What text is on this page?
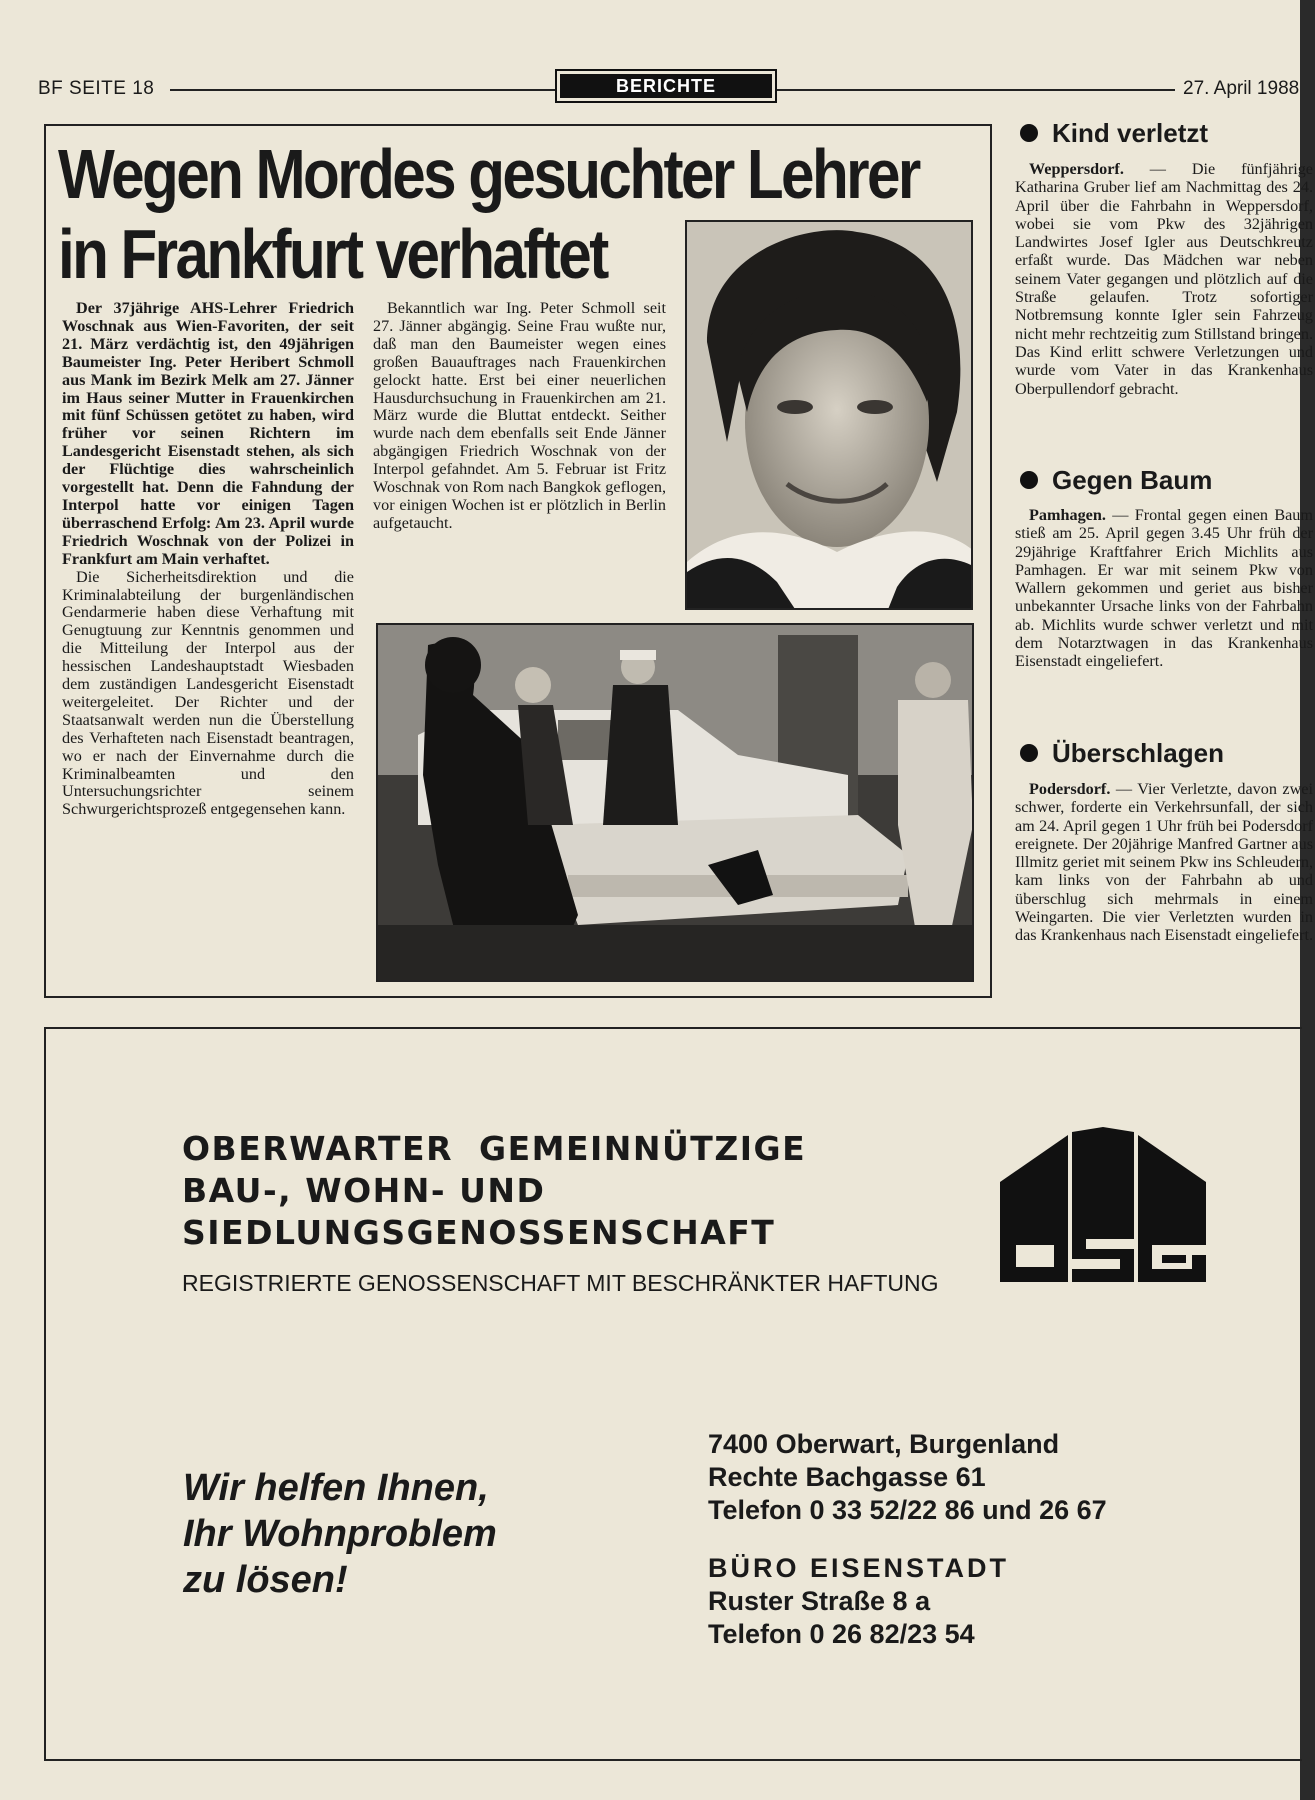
BF SEITE 18	BERICHTE	27. April 1988
Wegen Mordes gesuchter Lehrer
in Frankfurt verhaftet

Der 37jährige AHS-Lehrer Friedrich Woschnak aus Wien-Favoriten, der seit 21. März verdächtig ist, den 49jährigen Baumeister Ing. Peter Heribert Schmoll aus Mank im Bezirk Melk am 27. Jänner im Haus seiner Mutter in Frauenkirchen mit fünf Schüssen getötet zu haben, wird früher vor seinen Richtern im Landesgericht Eisenstadt stehen, als sich der Flüchtige dies wahrscheinlich vorgestellt hat. Denn die Fahndung der Interpol hatte vor einigen Tagen überraschend Erfolg: Am 23. April wurde Friedrich Woschnak von der Polizei in Frankfurt am Main verhaftet.

Die Sicherheitsdirektion und die Kriminalabteilung der burgenländischen Gendarmerie haben diese Verhaftung mit Genugtuung zur Kenntnis genommen und die Mitteilung der Interpol aus der hessischen Landeshauptstadt Wiesbaden dem zuständigen Landesgericht Eisenstadt weitergeleitet. Der Richter und der Staatsanwalt werden nun die Überstellung des Verhafteten nach Eisenstadt beantragen, wo er nach der Einvernahme durch die Kriminalbeamten und den Untersuchungsrichter seinem Schwurgerichtsprozeß entgegensehen kann.

Bekanntlich war Ing. Peter Schmoll seit 27. Jänner abgängig. Seine Frau wußte nur, daß man den Baumeister wegen eines großen Bauauftrages nach Frauenkirchen gelockt hatte. Erst bei einer neuerlichen Hausdurchsuchung in Frauenkirchen am 21. März wurde die Bluttat entdeckt. Seither wurde nach dem ebenfalls seit Ende Jänner abgängigen Friedrich Woschnak von der Interpol gefahndet. Am 5. Februar ist Fritz Woschnak von Rom nach Bangkok geflogen, vor einigen Wochen ist er plötzlich in Berlin aufgetaucht.

Kind verletzt

Weppersdorf. — Die fünfjährige Katharina Gruber lief am Nachmittag des 24. April über die Fahrbahn in Weppersdorf, wobei sie vom Pkw des 32jährigen Landwirtes Josef Igler aus Deutschkreutz erfaßt wurde. Das Mädchen war neben seinem Vater gegangen und plötzlich auf die Straße gelaufen. Trotz sofortiger Notbremsung konnte Igler sein Fahrzeug nicht mehr rechtzeitig zum Stillstand bringen. Das Kind erlitt schwere Verletzungen und wurde vom Vater in das Krankenhaus Oberpullendorf gebracht.

Gegen Baum

Pamhagen. — Frontal gegen einen Baum stieß am 25. April gegen 3.45 Uhr früh der 29jährige Kraftfahrer Erich Michlits aus Pamhagen. Er war mit seinem Pkw von Wallern gekommen und geriet aus bisher unbekannter Ursache links von der Fahrbahn ab. Michlits wurde schwer verletzt und mit dem Notarztwagen in das Krankenhaus Eisenstadt eingeliefert.

Überschlagen

Podersdorf. — Vier Verletzte, davon zwei schwer, forderte ein Verkehrsunfall, der sich am 24. April gegen 1 Uhr früh bei Podersdorf ereignete. Der 20jährige Manfred Gartner aus Illmitz geriet mit seinem Pkw ins Schleudern, kam links von der Fahrbahn ab und überschlug sich mehrmals in einem Weingarten. Die vier Verletzten wurden in das Krankenhaus nach Eisenstadt eingeliefert.

OBERWARTER  GEMEINNÜTZIGE
BAU-, WOHN- UND
SIEDLUNGSGENOSSENSCHAFT
REGISTRIERTE GENOSSENSCHAFT MIT BESCHRÄNKTER HAFTUNG
Wir helfen Ihnen,
Ihr Wohnproblem
zu lösen!
7400 Oberwart, Burgenland
Rechte Bachgasse 61
Telefon 0 33 52/22 86 und 26 67
BÜRO EISENSTADT
Ruster Straße 8 a
Telefon 0 26 82/23 54
